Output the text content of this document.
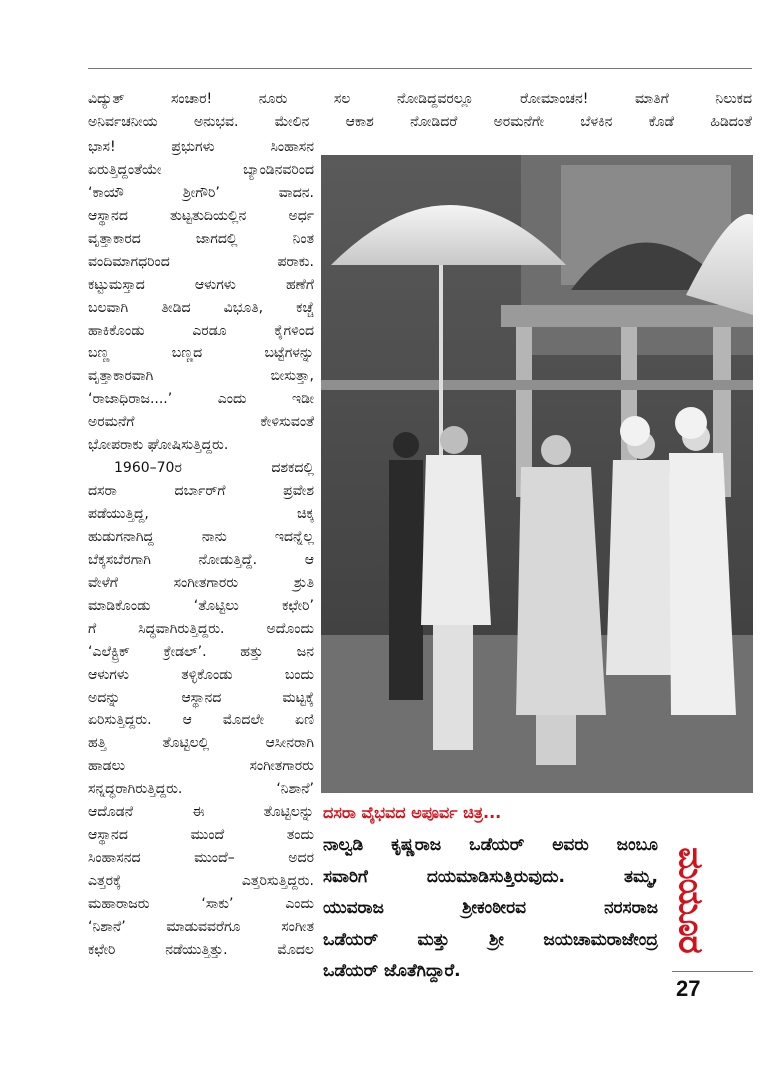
ವಿದ್ಯುತ್ ಸಂಚಾರ! ನೂರು ಸಲ ನೋಡಿದ್ದವರಲ್ಲೂ ರೋಮಾಂಚನ! ಮಾತಿಗೆ ನಿಲುಕದ
ಅನಿರ್ವಚನೀಯ ಅನುಭವ. ಮೇಲಿನ ಆಕಾಶ ನೋಡಿದರೆ ಅರಮನೆಗೇ ಬೆಳಕಿನ ಕೊಡೆ ಹಿಡಿದಂತೆ
ಭಾಸ! ಪ್ರಭುಗಳು ಸಿಂಹಾಸನ
ಏರುತ್ತಿದ್ದಂತೆಯೇ ಬ್ಯಾಂಡಿನವರಿಂದ
‘ಕಾಯೌ ಶ್ರೀಗೌರಿ’ ವಾದನ.
ಆಸ್ಥಾನದ ತುಟ್ಟತುದಿಯಲ್ಲಿನ ಅರ್ಧ
ವೃತ್ತಾಕಾರದ ಜಾಗದಲ್ಲಿ ನಿಂತ
ವಂದಿಮಾಗಧರಿಂದ ಪರಾಕು.
ಕಟ್ಟುಮಸ್ತಾದ ಆಳುಗಳು ಹಣೆಗೆ
ಬಲವಾಗಿ ತೀಡಿದ ವಿಭೂತಿ, ಕಚ್ಚೆ
ಹಾಕಿಕೊಂಡು ಎರಡೂ ಕೈಗಳಿಂದ
ಬಣ್ಣ ಬಣ್ಣದ ಬಟ್ಟೆಗಳನ್ನು
ವೃತ್ತಾಕಾರವಾಗಿ ಬೀಸುತ್ತಾ,
‘ರಾಜಾಧಿರಾಜ....’ ಎಂದು ಇಡೀ
ಅರಮನೆಗೆ ಕೇಳಿಸುವಂತೆ
ಭೋಪರಾಕು ಘೋಷಿಸುತ್ತಿದ್ದರು.
1960–70ರ ದಶಕದಲ್ಲಿ
ದಸರಾ ದರ್ಬಾರ್‌ಗೆ ಪ್ರವೇಶ
ಪಡೆಯುತ್ತಿದ್ದ, ಚಿಕ್ಕ
ಹುಡುಗನಾಗಿದ್ದ ನಾನು ಇದನ್ನೆಲ್ಲ
ಬೆಕ್ಕಸಬೆರಗಾಗಿ ನೋಡುತ್ತಿದ್ದೆ. ಆ
ವೇಳೆಗೆ ಸಂಗೀತಗಾರರು ಶ್ರುತಿ
ಮಾಡಿಕೊಂಡು ‘ತೊಟ್ಟಿಲು ಕಛೇರಿ’
ಗೆ ಸಿದ್ಧವಾಗಿರುತ್ತಿದ್ದರು. ಅದೊಂದು
‘ಎಲೆಕ್ಟ್ರಿಕ್ ಕ್ರೇಡಲ್’. ಹತ್ತು ಜನ
ಆಳುಗಳು ತಳ್ಳಿಕೊಂಡು ಬಂದು
ಅದನ್ನು ಆಸ್ಥಾನದ ಮಟ್ಟಕ್ಕೆ
ಏರಿಸುತ್ತಿದ್ದರು. ಆ ಮೊದಲೇ ಏಣಿ
ಹತ್ತಿ ತೊಟ್ಟಿಲಲ್ಲಿ ಆಸೀನರಾಗಿ
ಹಾಡಲು ಸಂಗೀತಗಾರರು
ಸನ್ನದ್ಧರಾಗಿರುತ್ತಿದ್ದರು. ‘ನಿಶಾನೆ’
ಆದೊಡನೆ ಈ ತೊಟ್ಟಿಲನ್ನು
ಆಸ್ಥಾನದ ಮುಂದೆ ತಂದು
ಸಿಂಹಾಸನದ ಮುಂದೆ– ಅದರ
ಎತ್ತರಕ್ಕೆ ಎತ್ತರಿಸುತ್ತಿದ್ದರು.
ಮಹಾರಾಜರು ‘ಸಾಕು’ ಎಂದು
‘ನಿಶಾನೆ’ ಮಾಡುವವರೆಗೂ ಸಂಗೀತ
ಕಛೇರಿ ನಡೆಯುತ್ತಿತ್ತು. ಮೊದಲ
ದಸರಾ ವೈಭವದ ಅಪೂರ್ವ ಚಿತ್ರ...
ನಾಲ್ವಡಿ ಕೃಷ್ಣರಾಜ ಒಡೆಯರ್ ಅವರು ಜಂಬೂ
ಸವಾರಿಗೆ ದಯಮಾಡಿಸುತ್ತಿರುವುದು. ತಮ್ಮ,
ಯುವರಾಜ ಶ್ರೀಕಂಠೀರವ ನರಸರಾಜ
ಒಡೆಯರ್ ಮತ್ತು ಶ್ರೀ ಜಯಚಾಮರಾಜೇಂದ್ರ
ಒಡೆಯರ್ ಜೊತೆಗಿದ್ದಾರೆ.
ಮಯೂರ
27
